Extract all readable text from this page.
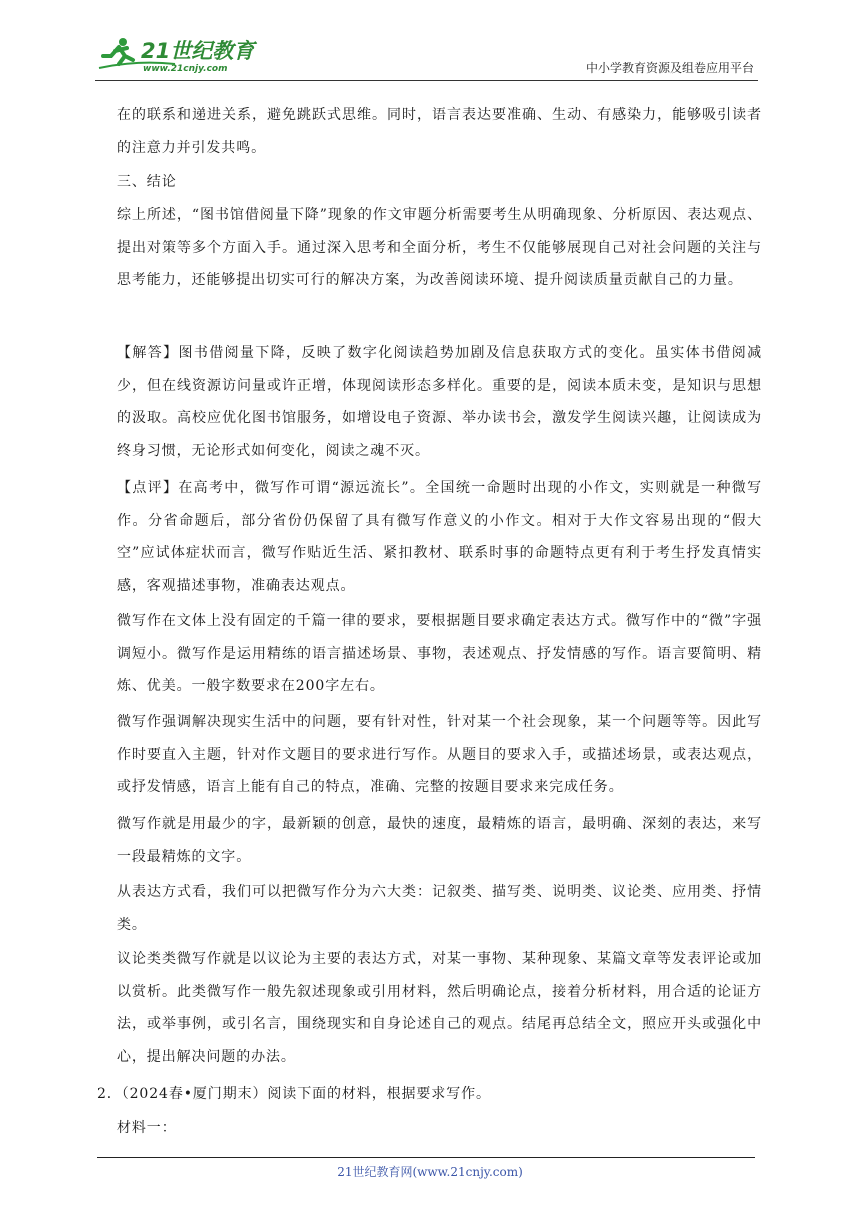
21世纪教育
www.21cnjy.com	中小学教育资源及组卷应用平台

在的联系和递进关系，避免跳跃式思维。同时，语言表达要准确、生动、有感染力，能够吸引读者的注意力并引发共鸣。

三、结论

综上所述，“图书馆借阅量下降”现象的作文审题分析需要考生从明确现象、分析原因、表达观点、提出对策等多个方面入手。通过深入思考和全面分析，考生不仅能够展现自己对社会问题的关注与思考能力，还能够提出切实可行的解决方案，为改善阅读环境、提升阅读质量贡献自己的力量。

【解答】图书借阅量下降，反映了数字化阅读趋势加剧及信息获取方式的变化。虽实体书借阅减少，但在线资源访问量或许正增，体现阅读形态多样化。重要的是，阅读本质未变，是知识与思想的汲取。高校应优化图书馆服务，如增设电子资源、举办读书会，激发学生阅读兴趣，让阅读成为终身习惯，无论形式如何变化，阅读之魂不灭。

【点评】在高考中，微写作可谓“源远流长”。全国统一命题时出现的小作文，实则就是一种微写作。分省命题后，部分省份仍保留了具有微写作意义的小作文。相对于大作文容易出现的“假大空”应试体症状而言，微写作贴近生活、紧扣教材、联系时事的命题特点更有利于考生抒发真情实感，客观描述事物，准确表达观点。

微写作在文体上没有固定的千篇一律的要求，要根据题目要求确定表达方式。微写作中的“微”字强调短小。微写作是运用精练的语言描述场景、事物，表述观点、抒发情感的写作。语言要简明、精炼、优美。一般字数要求在200字左右。

微写作强调解决现实生活中的问题，要有针对性，针对某一个社会现象，某一个问题等等。因此写作时要直入主题，针对作文题目的要求进行写作。从题目的要求入手，或描述场景，或表达观点，或抒发情感，语言上能有自己的特点，准确、完整的按题目要求来完成任务。

微写作就是用最少的字，最新颖的创意，最快的速度，最精炼的语言，最明确、深刻的表达，来写一段最精炼的文字。

从表达方式看，我们可以把微写作分为六大类：记叙类、描写类、说明类、议论类、应用类、抒情类。

议论类类微写作就是以议论为主要的表达方式，对某一事物、某种现象、某篇文章等发表评论或加以赏析。此类微写作一般先叙述现象或引用材料，然后明确论点，接着分析材料，用合适的论证方法，或举事例，或引名言，围绕现实和自身论述自己的观点。结尾再总结全文，照应开头或强化中心，提出解决问题的办法。

2．（2024春•厦门期末）阅读下面的材料，根据要求写作。

材料一：

21世纪教育网(www.21cnjy.com)
